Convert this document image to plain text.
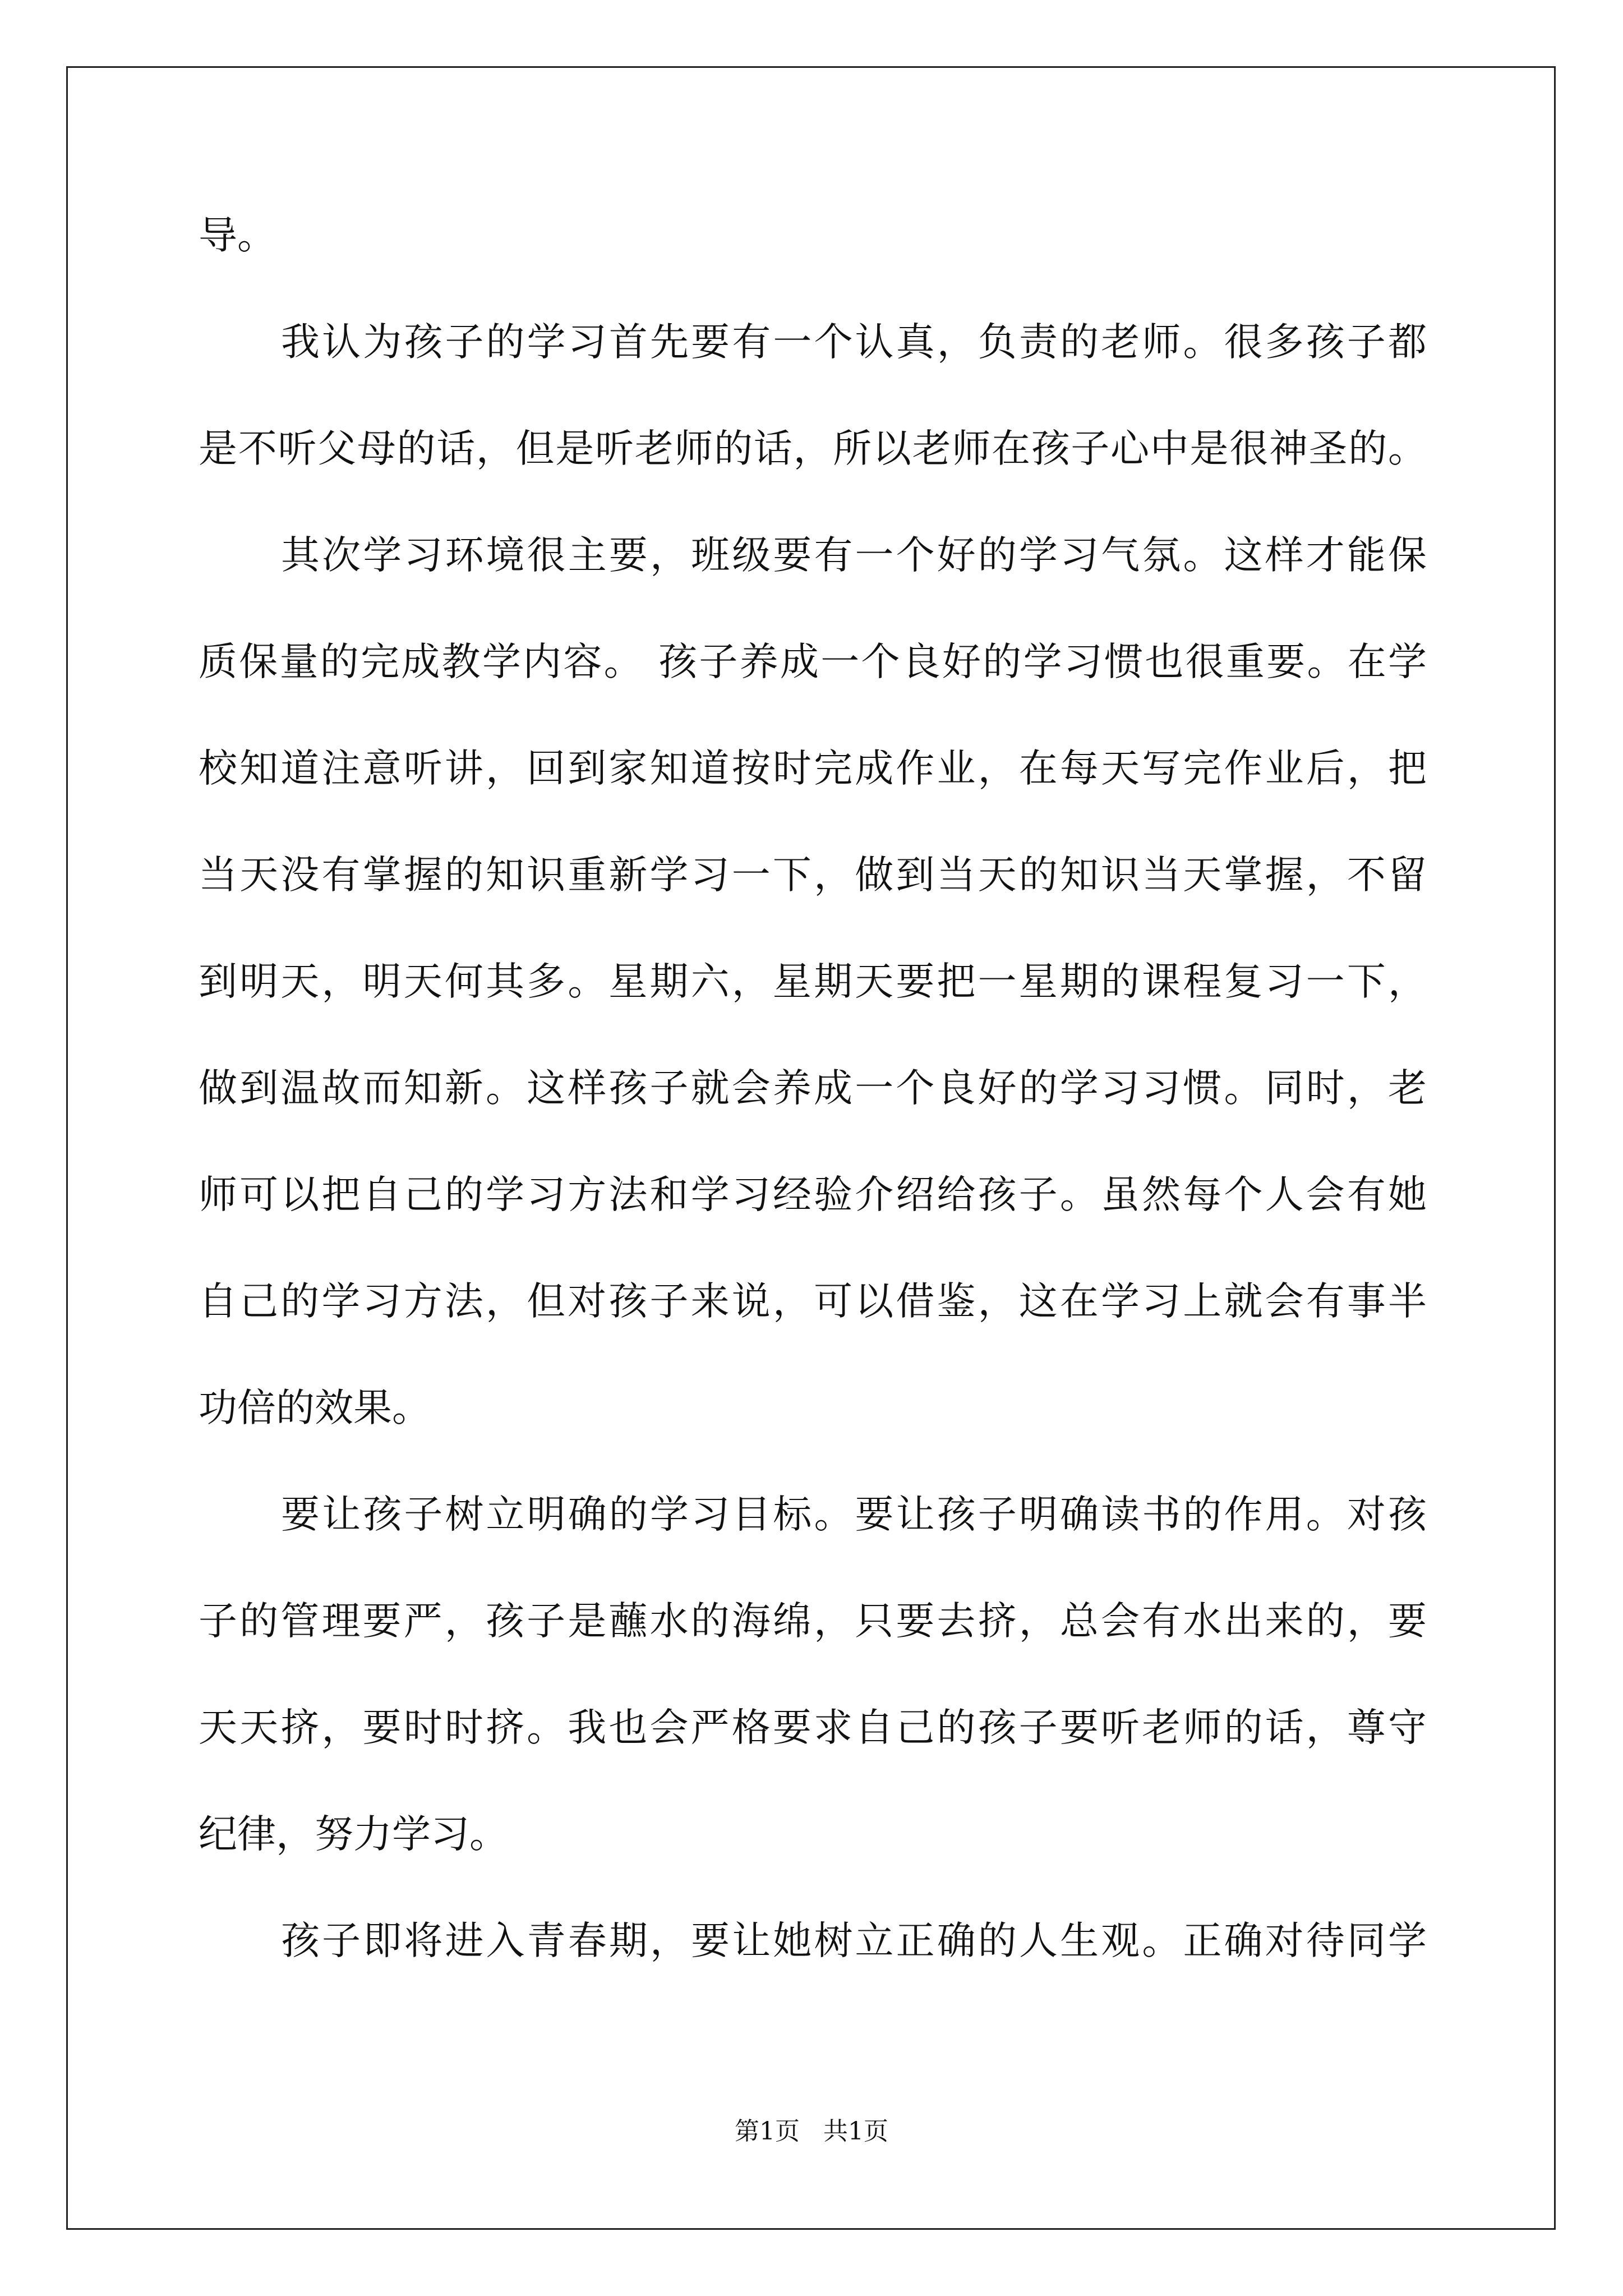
导。
我认为孩子的学习首先要有一个认真，负责的老师。很多孩子都
是不听父母的话，但是听老师的话，所以老师在孩子心中是很神圣的。
其次学习环境很主要，班级要有一个好的学习气氛。这样才能保
质保量的完成教学内容。 孩子养成一个良好的学习惯也很重要。在学
校知道注意听讲，回到家知道按时完成作业，在每天写完作业后，把
当天没有掌握的知识重新学习一下，做到当天的知识当天掌握，不留
到明天，明天何其多。星期六，星期天要把一星期的课程复习一下，
做到温故而知新。这样孩子就会养成一个良好的学习习惯。同时，老
师可以把自己的学习方法和学习经验介绍给孩子。虽然每个人会有她
自己的学习方法，但对孩子来说，可以借鉴，这在学习上就会有事半
功倍的效果。
要让孩子树立明确的学习目标。要让孩子明确读书的作用。对孩
子的管理要严，孩子是蘸水的海绵，只要去挤，总会有水出来的，要
天天挤，要时时挤。我也会严格要求自己的孩子要听老师的话，尊守
纪律，努力学习。
孩子即将进入青春期，要让她树立正确的人生观。正确对待同学
第1页 共1页
